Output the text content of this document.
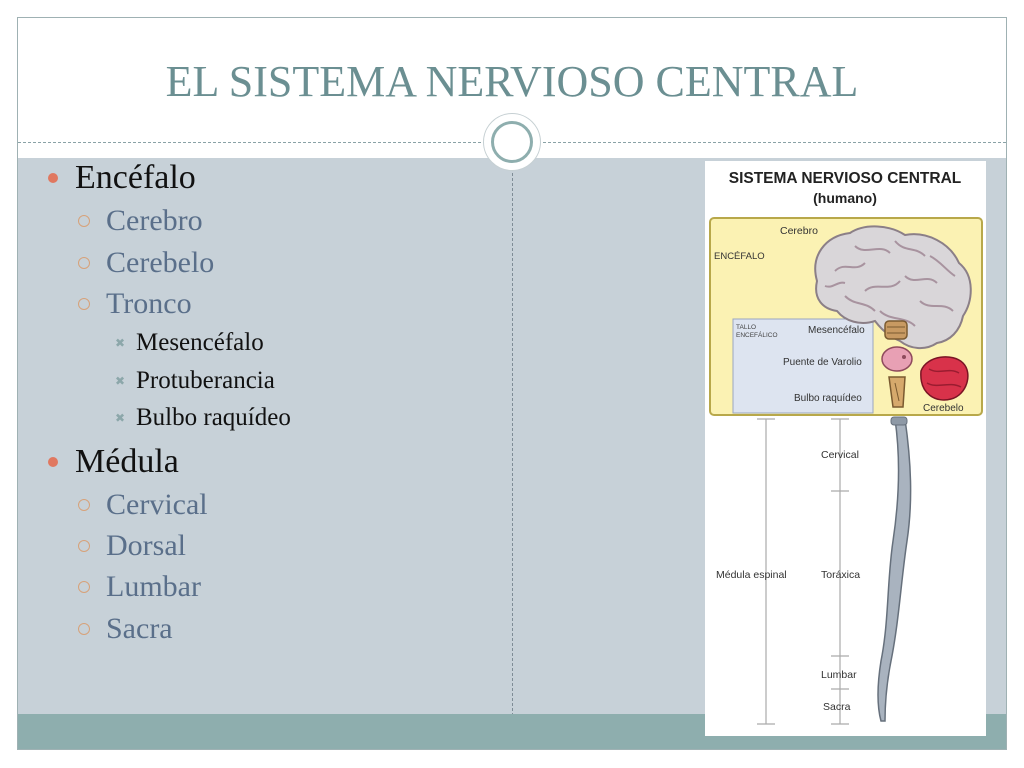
EL SISTEMA NERVIOSO CENTRAL
Encéfalo
Cerebro
Cerebelo
Tronco
✖ Mesencéfalo
✖ Protuberancia
✖ Bulbo raquídeo
Médula
Cervical
Dorsal
Lumbar
Sacra
SISTEMA NERVIOSO CENTRAL
(humano)
Cerebro
ENCÉFALO
TALLO
ENCEFÁLICO	Mesencéfalo
Puente de Varolio
Bulbo raquídeo
Cerebelo
Cervical
Médula espinal	Toráxica
Lumbar
Sacra
